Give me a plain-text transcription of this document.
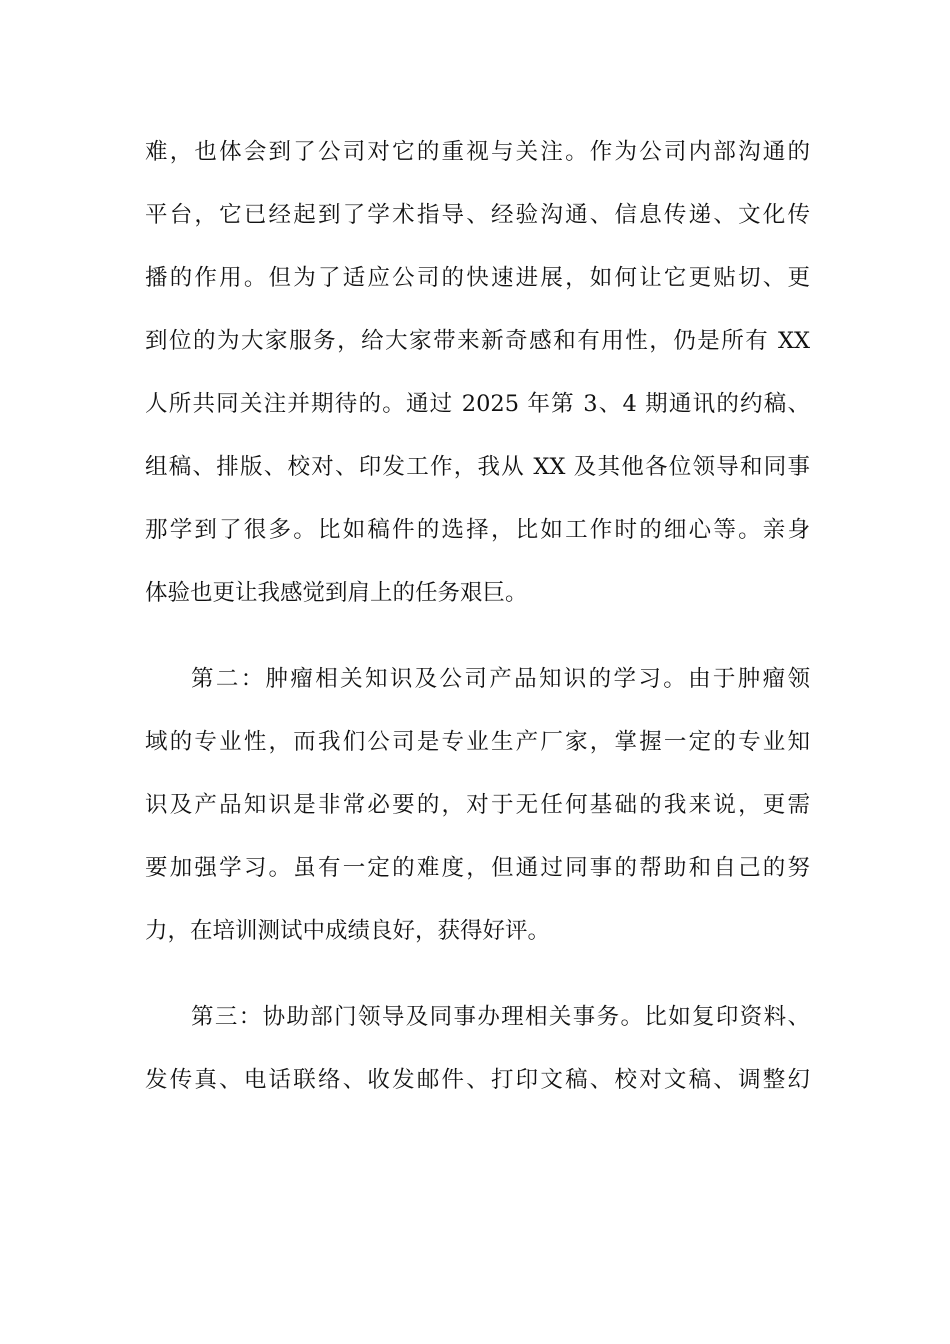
难，也体会到了公司对它的重视与关注。作为公司内部沟通的
平台，它已经起到了学术指导、经验沟通、信息传递、文化传
播的作用。但为了适应公司的快速进展，如何让它更贴切、更
到位的为大家服务，给大家带来新奇感和有用性，仍是所有 XX
人所共同关注并期待的。通过 2025 年第 3、4 期通讯的约稿、
组稿、排版、校对、印发工作，我从 XX 及其他各位领导和同事
那学到了很多。比如稿件的选择，比如工作时的细心等。亲身
体验也更让我感觉到肩上的任务艰巨。
第二：肿瘤相关知识及公司产品知识的学习。由于肿瘤领
域的专业性，而我们公司是专业生产厂家，掌握一定的专业知
识及产品知识是非常必要的，对于无任何基础的我来说，更需
要加强学习。虽有一定的难度，但通过同事的帮助和自己的努
力，在培训测试中成绩良好，获得好评。
第三：协助部门领导及同事办理相关事务。比如复印资料、
发传真、电话联络、收发邮件、打印文稿、校对文稿、调整幻
